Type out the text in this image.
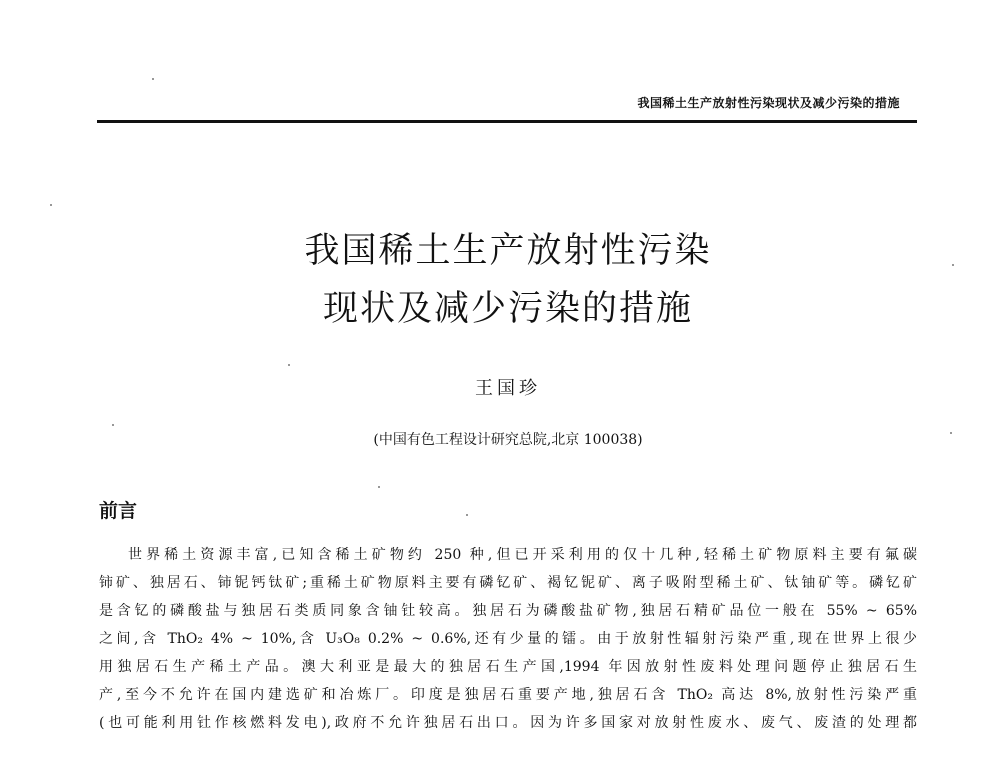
我国稀土生产放射性污染现状及减少污染的措施
我国稀土生产放射性污染
现状及减少污染的措施
王国珍
(中国有色工程设计研究总院,北京 100038)
前言
世界稀土资源丰富,已知含稀土矿物约 250 种,但已开采利用的仅十几种,轻稀土矿物原料主要有氟碳
铈矿、独居石、铈铌钙钛矿;重稀土矿物原料主要有磷钇矿、褐钇铌矿、离子吸附型稀土矿、钛铀矿等。磷钇矿
是含钇的磷酸盐与独居石类质同象含铀钍较高。独居石为磷酸盐矿物,独居石精矿品位一般在 55% ~ 65%
之间,含 ThO₂ 4% ~ 10%,含 U₃O₈ 0.2% ~ 0.6%,还有少量的镭。由于放射性辐射污染严重,现在世界上很少
用独居石生产稀土产品。澳大利亚是最大的独居石生产国,1994 年因放射性废料处理问题停止独居石生
产,至今不允许在国内建选矿和冶炼厂。印度是独居石重要产地,独居石含 ThO₂ 高达 8%,放射性污染严重
(也可能利用钍作核燃料发电),政府不允许独居石出口。因为许多国家对放射性废水、废气、废渣的处理都
